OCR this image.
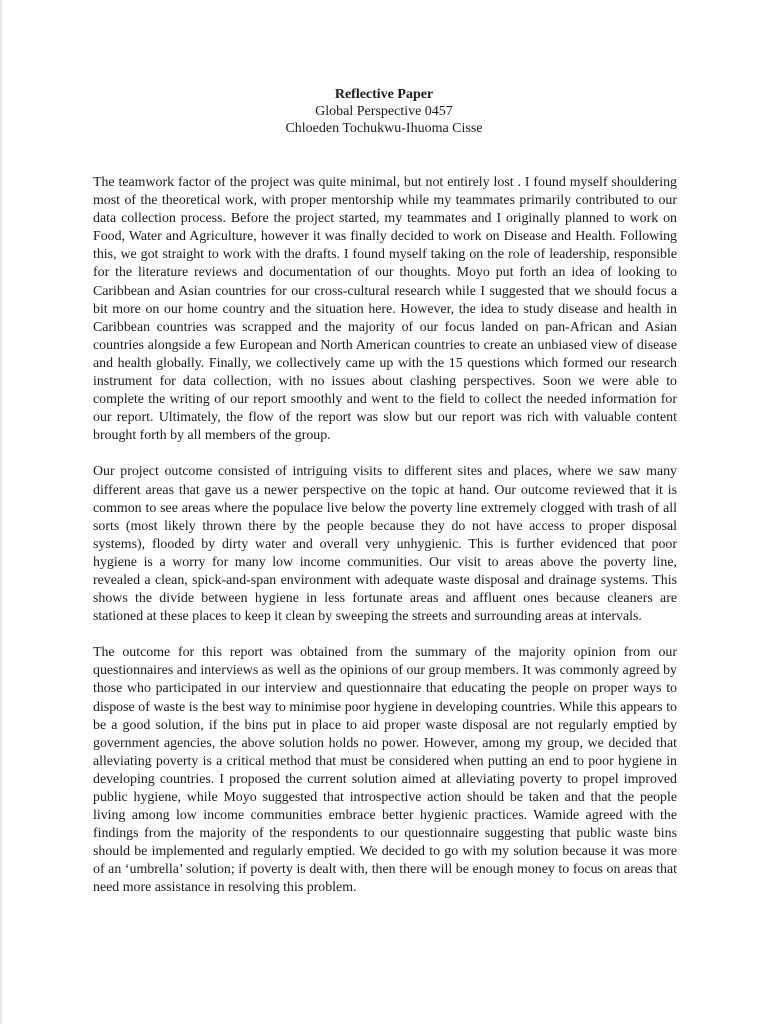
Reflective Paper
Global Perspective 0457
Chloeden Tochukwu-Ihuoma Cisse

The teamwork factor of the project was quite minimal, but not entirely lost . I found myself shouldering most of the theoretical work, with proper mentorship while my teammates primarily contributed to our data collection process. Before the project started, my teammates and I originally planned to work on Food, Water and Agriculture, however it was finally decided to work on Disease and Health. Following this, we got straight to work with the drafts. I found myself taking on the role of leadership, responsible for the literature reviews and documentation of our thoughts. Moyo put forth an idea of looking to Caribbean and Asian countries for our cross-cultural research while I suggested that we should focus a bit more on our home country and the situation here. However, the idea to study disease and health in Caribbean countries was scrapped and the majority of our focus landed on pan-African and Asian countries alongside a few European and North American countries to create an unbiased view of disease and health globally. Finally, we collectively came up with the 15 questions which formed our research instrument for data collection, with no issues about clashing perspectives. Soon we were able to complete the writing of our report smoothly and went to the field to collect the needed information for our report. Ultimately, the flow of the report was slow but our report was rich with valuable content brought forth by all members of the group.

Our project outcome consisted of intriguing visits to different sites and places, where we saw many different areas that gave us a newer perspective on the topic at hand. Our outcome reviewed that it is common to see areas where the populace live below the poverty line extremely clogged with trash of all sorts (most likely thrown there by the people because they do not have access to proper disposal systems), flooded by dirty water and overall very unhygienic. This is further evidenced that poor hygiene is a worry for many low income communities. Our visit to areas above the poverty line, revealed a clean, spick-and-span environment with adequate waste disposal and drainage systems. This shows the divide between hygiene in less fortunate areas and affluent ones because cleaners are stationed at these places to keep it clean by sweeping the streets and surrounding areas at intervals.

The outcome for this report was obtained from the summary of the majority opinion from our questionnaires and interviews as well as the opinions of our group members. It was commonly agreed by those who participated in our interview and questionnaire that educating the people on proper ways to dispose of waste is the best way to minimise poor hygiene in developing countries. While this appears to be a good solution, if the bins put in place to aid proper waste disposal are not regularly emptied by government agencies, the above solution holds no power. However, among my group, we decided that alleviating poverty is a critical method that must be considered when putting an end to poor hygiene in developing countries. I proposed the current solution aimed at alleviating poverty to propel improved public hygiene, while Moyo suggested that introspective action should be taken and that the people living among low income communities embrace better hygienic practices. Wamide agreed with the findings from the majority of the respondents to our questionnaire suggesting that public waste bins should be implemented and regularly emptied. We decided to go with my solution because it was more of an ‘umbrella’ solution; if poverty is dealt with, then there will be enough money to focus on areas that need more assistance in resolving this problem.
